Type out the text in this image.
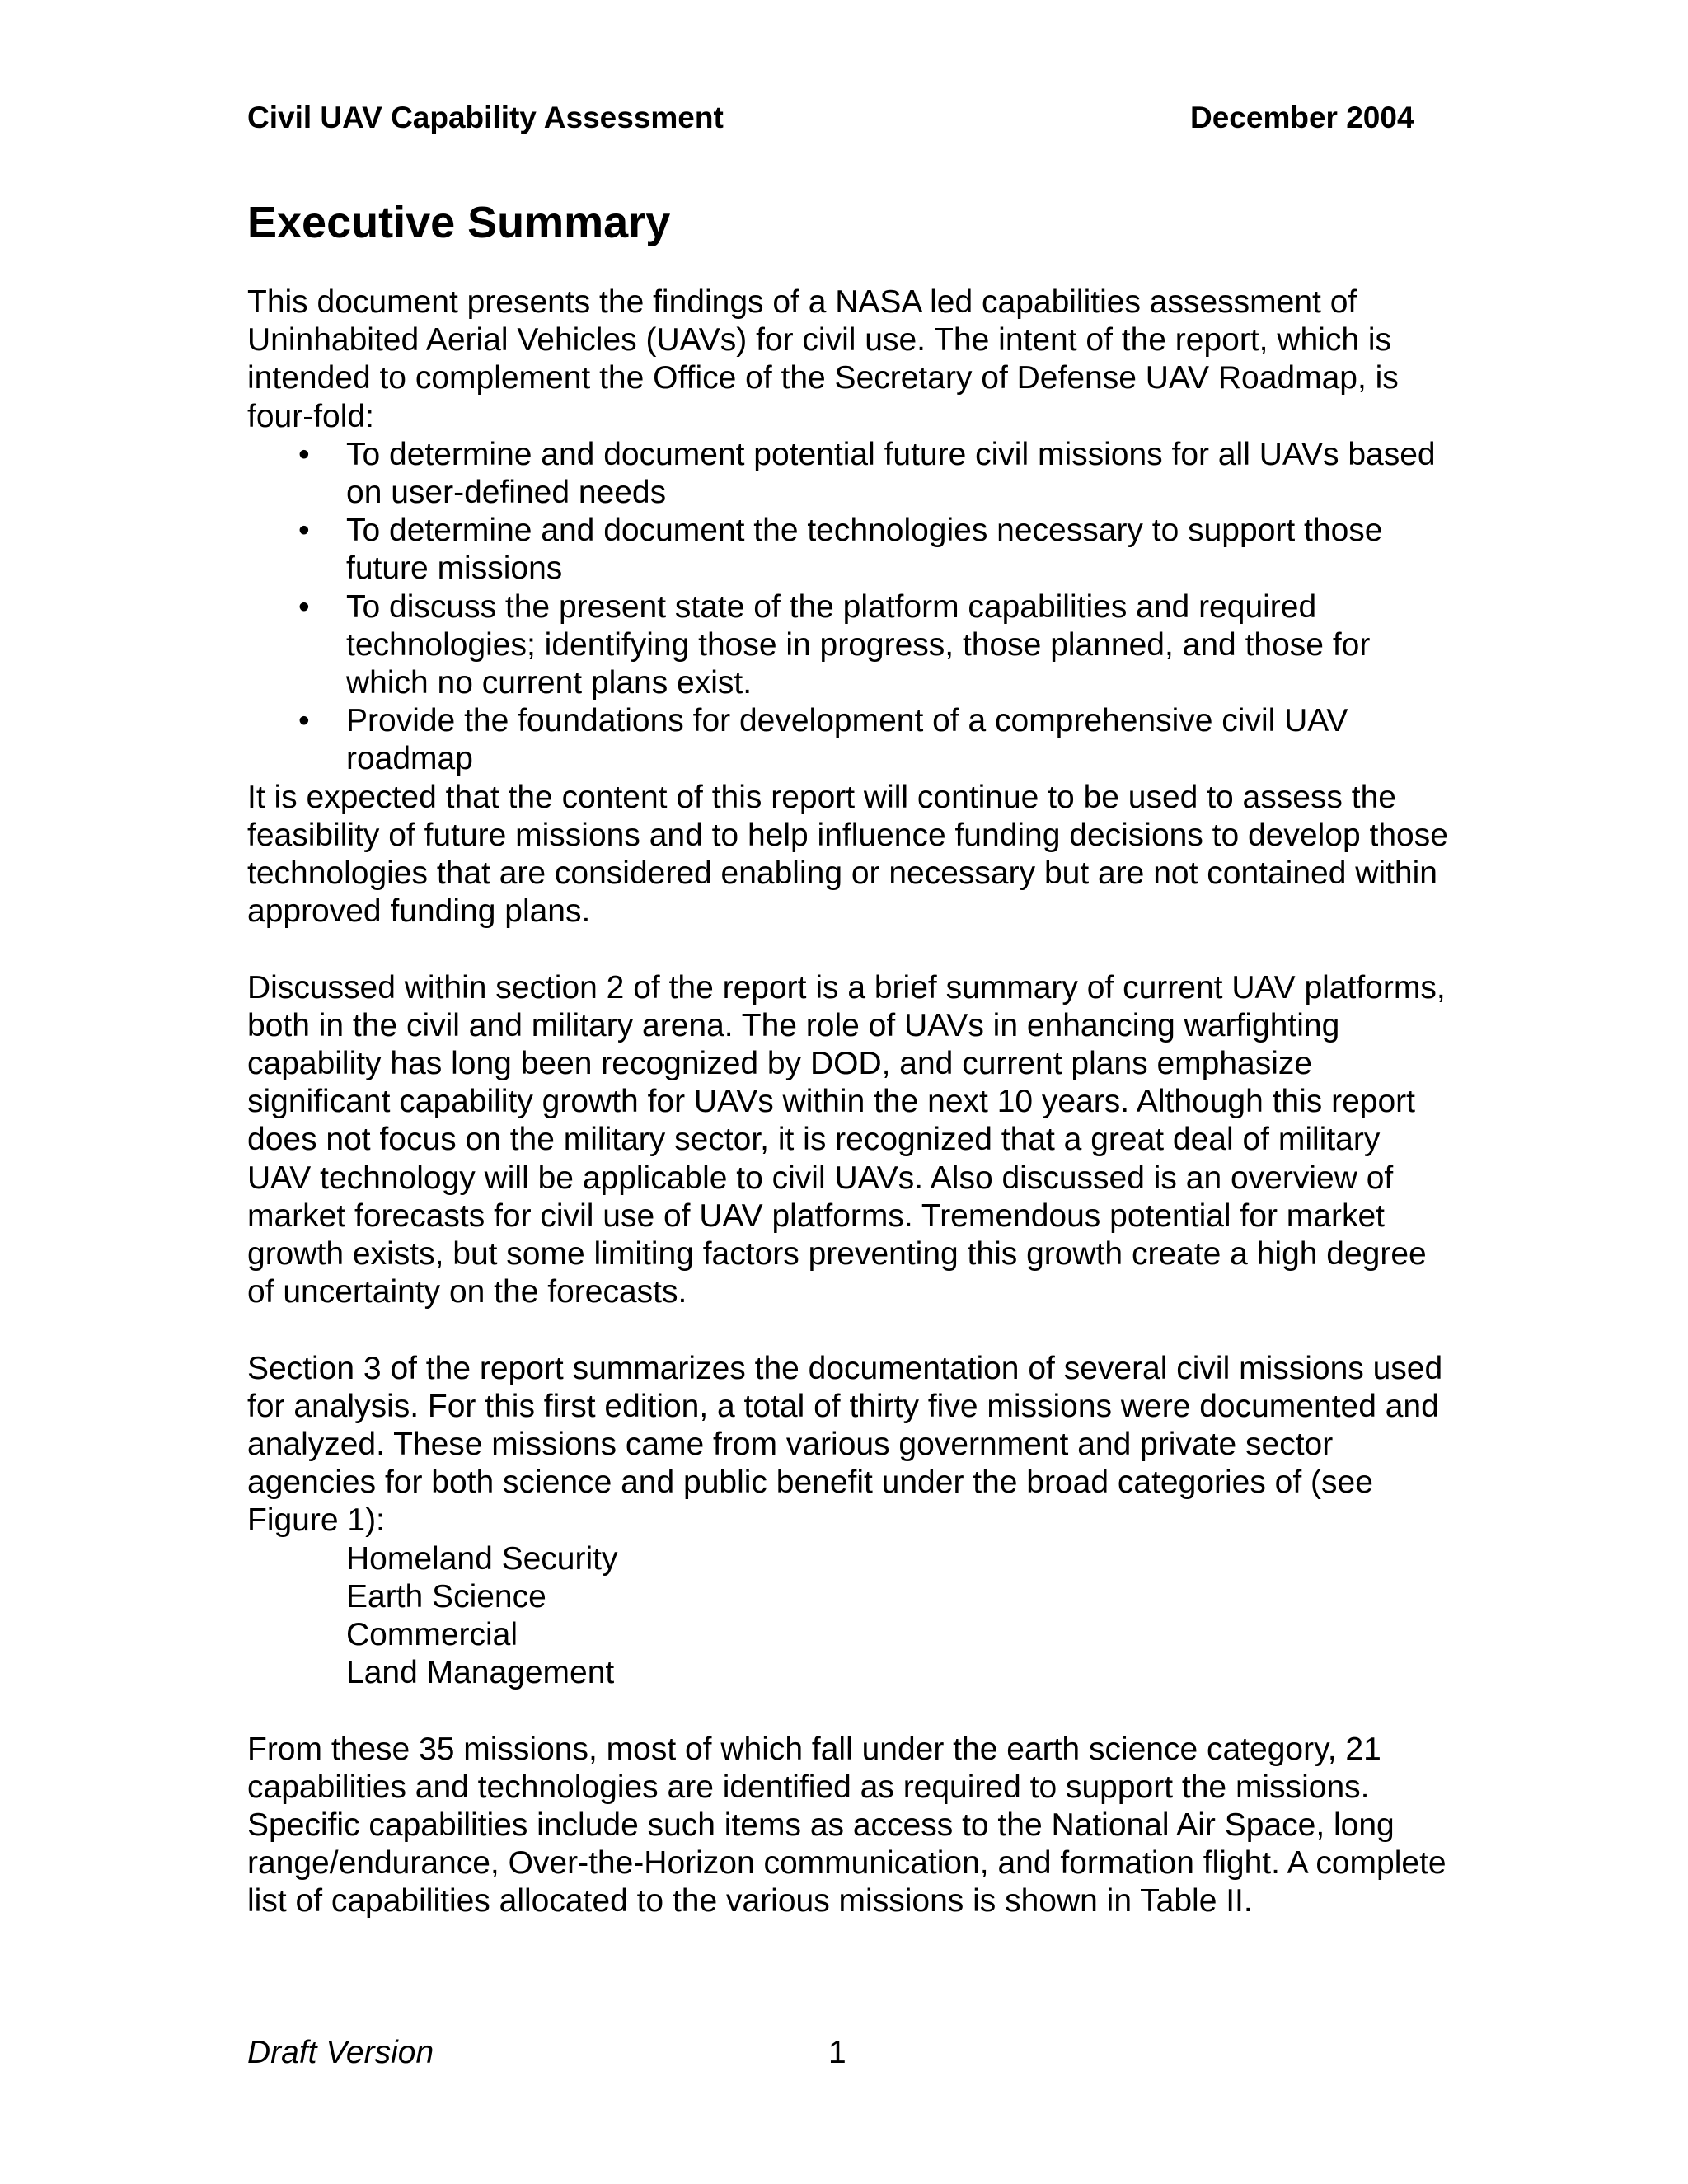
Civil UAV Capability Assessment	December 2004
Executive Summary

This document presents the findings of a NASA led capabilities assessment of Uninhabited Aerial Vehicles (UAVs) for civil use. The intent of the report, which is intended to complement the Office of the Secretary of Defense UAV Roadmap, is four-fold:

• To determine and document potential future civil missions for all UAVs based on user-defined needs
• To determine and document the technologies necessary to support those future missions
• To discuss the present state of the platform capabilities and required technologies; identifying those in progress, those planned, and those for which no current plans exist.
• Provide the foundations for development of a comprehensive civil UAV roadmap

It is expected that the content of this report will continue to be used to assess the feasibility of future missions and to help influence funding decisions to develop those technologies that are considered enabling or necessary but are not contained within approved funding plans.

Discussed within section 2 of the report is a brief summary of current UAV platforms, both in the civil and military arena. The role of UAVs in enhancing warfighting capability has long been recognized by DOD, and current plans emphasize significant capability growth for UAVs within the next 10 years. Although this report does not focus on the military sector, it is recognized that a great deal of military UAV technology will be applicable to civil UAVs. Also discussed is an overview of market forecasts for civil use of UAV platforms. Tremendous potential for market growth exists, but some limiting factors preventing this growth create a high degree of uncertainty on the forecasts.

Section 3 of the report summarizes the documentation of several civil missions used for analysis. For this first edition, a total of thirty five missions were documented and analyzed. These missions came from various government and private sector agencies for both science and public benefit under the broad categories of (see Figure 1):

Homeland Security
Earth Science
Commercial
Land Management

From these 35 missions, most of which fall under the earth science category, 21 capabilities and technologies are identified as required to support the missions. Specific capabilities include such items as access to the National Air Space, long range/endurance, Over-the-Horizon communication, and formation flight. A complete list of capabilities allocated to the various missions is shown in Table II.

Draft Version	1
